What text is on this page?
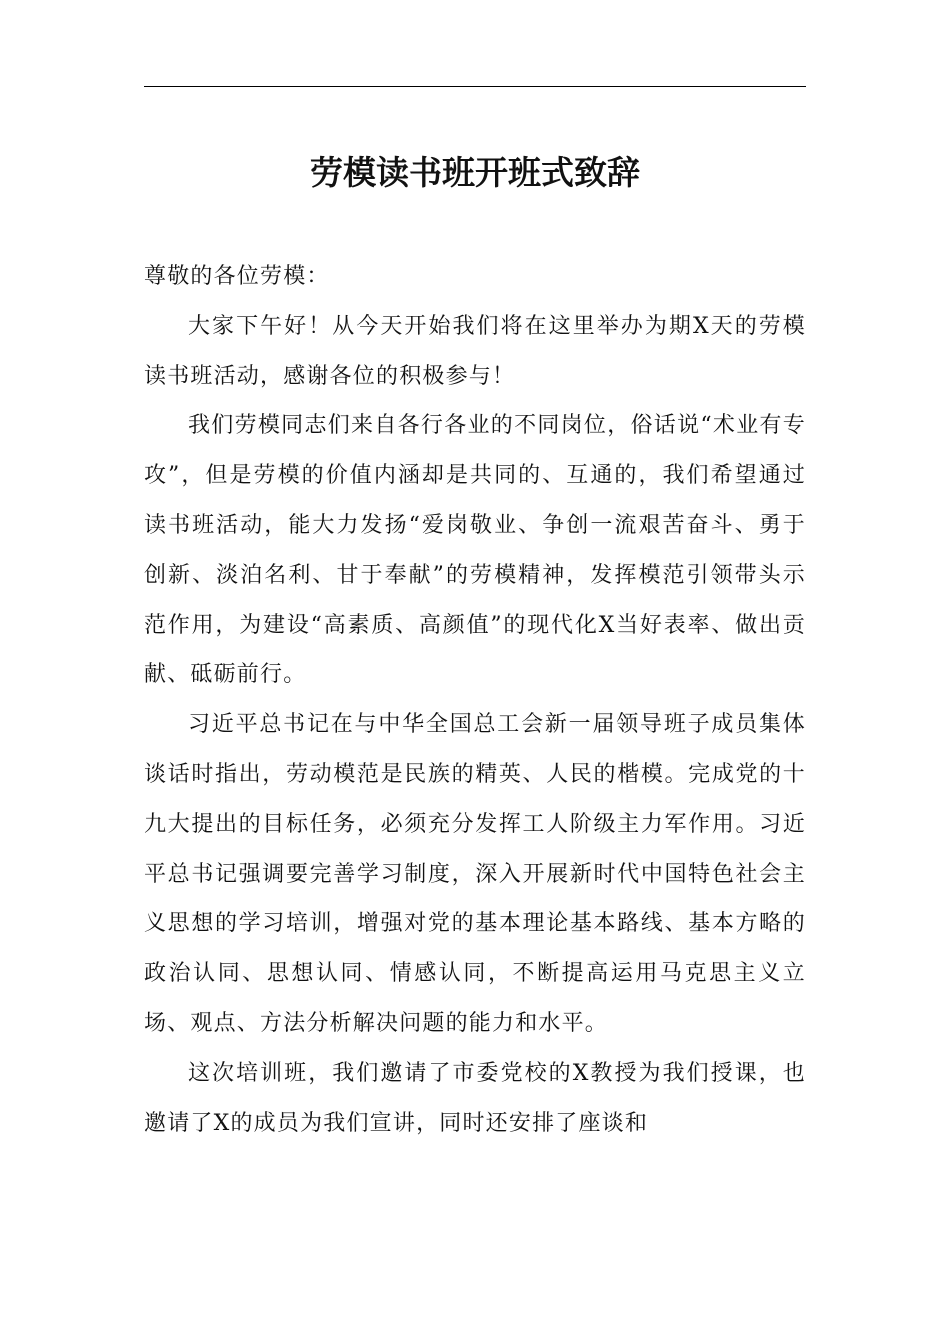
劳模读书班开班式致辞

尊敬的各位劳模：

大家下午好！从今天开始我们将在这里举办为期X天的劳模读书班活动，感谢各位的积极参与！

我们劳模同志们来自各行各业的不同岗位，俗话说“术业有专攻”，但是劳模的价值内涵却是共同的、互通的，我们希望通过读书班活动，能大力发扬“爱岗敬业、争创一流艰苦奋斗、勇于创新、淡泊名利、甘于奉献”的劳模精神，发挥模范引领带头示范作用，为建设“高素质、高颜值”的现代化X当好表率、做出贡献、砥砺前行。

习近平总书记在与中华全国总工会新一届领导班子成员集体谈话时指出，劳动模范是民族的精英、人民的楷模。完成党的十九大提出的目标任务，必须充分发挥工人阶级主力军作用。习近平总书记强调要完善学习制度，深入开展新时代中国特色社会主义思想的学习培训，增强对党的基本理论基本路线、基本方略的政治认同、思想认同、情感认同，不断提高运用马克思主义立场、观点、方法分析解决问题的能力和水平。

这次培训班，我们邀请了市委党校的X教授为我们授课，也邀请了X的成员为我们宣讲，同时还安排了座谈和
